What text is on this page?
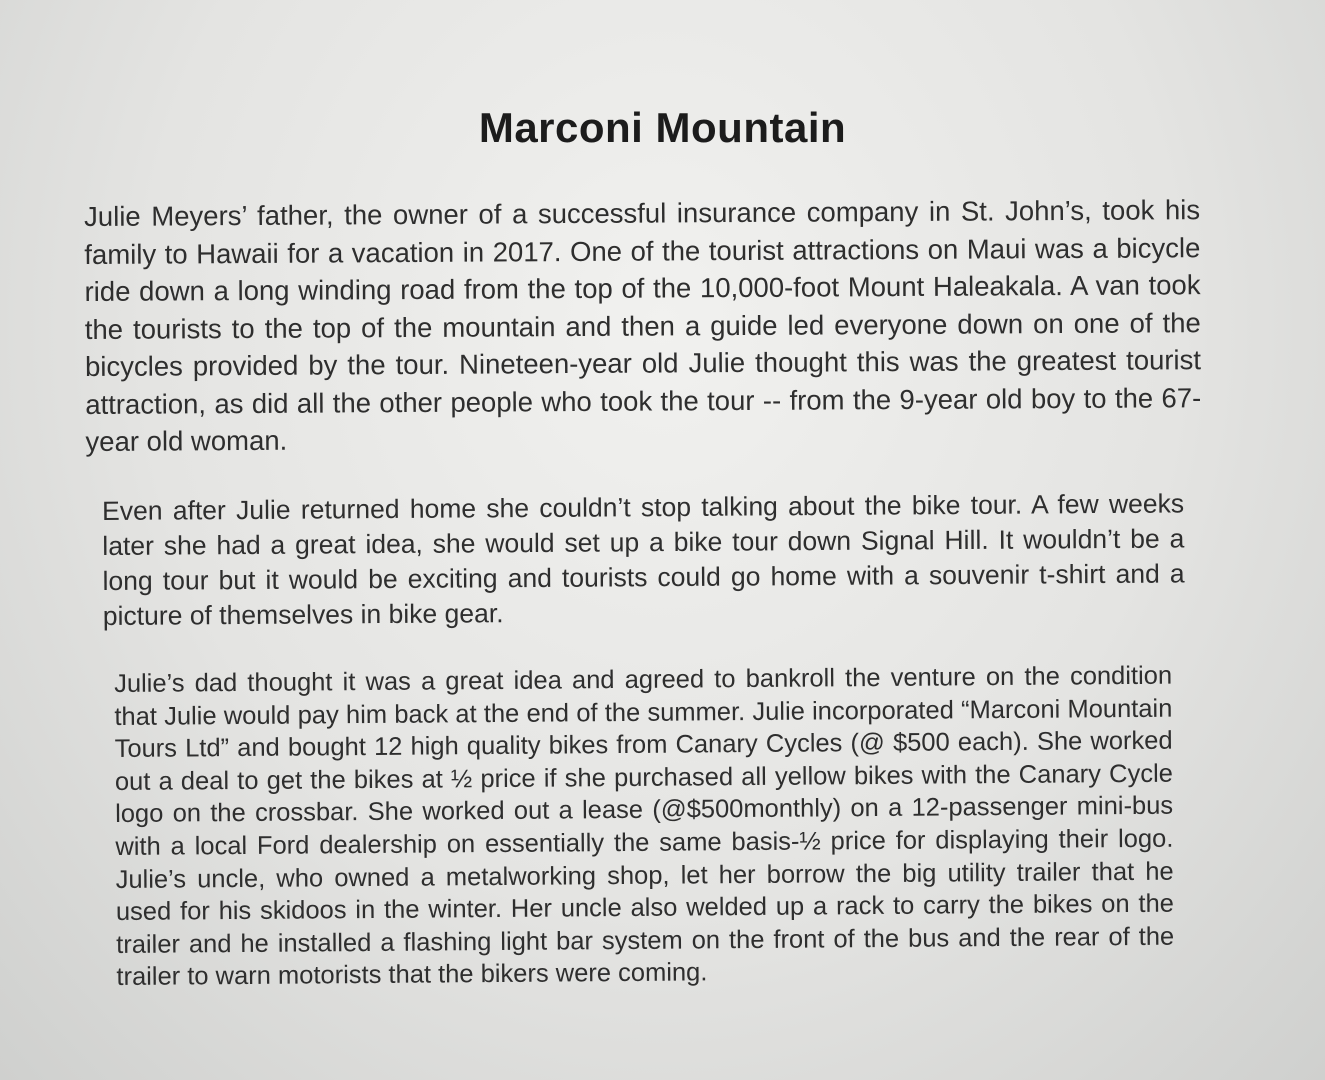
Marconi Mountain

Julie Meyers’ father, the owner of a successful insurance company in St. John’s, took his family to Hawaii for a vacation in 2017. One of the tourist attractions on Maui was a bicycle ride down a long winding road from the top of the 10,000-foot Mount Haleakala. A van took the tourists to the top of the mountain and then a guide led everyone down on one of the bicycles provided by the tour. Nineteen-year old Julie thought this was the greatest tourist attraction, as did all the other people who took the tour -- from the 9-year old boy to the 67-year old woman.

Even after Julie returned home she couldn’t stop talking about the bike tour. A few weeks later she had a great idea, she would set up a bike tour down Signal Hill. It wouldn’t be a long tour but it would be exciting and tourists could go home with a souvenir t-shirt and a picture of themselves in bike gear.

Julie’s dad thought it was a great idea and agreed to bankroll the venture on the condition that Julie would pay him back at the end of the summer. Julie incorporated “Marconi Mountain Tours Ltd” and bought 12 high quality bikes from Canary Cycles (@ $500 each). She worked out a deal to get the bikes at ½ price if she purchased all yellow bikes with the Canary Cycle logo on the crossbar. She worked out a lease (@$500monthly) on a 12-passenger mini-bus with a local Ford dealership on essentially the same basis-½ price for displaying their logo. Julie’s uncle, who owned a metalworking shop, let her borrow the big utility trailer that he used for his skidoos in the winter. Her uncle also welded up a rack to carry the bikes on the trailer and he installed a flashing light bar system on the front of the bus and the rear of the trailer to warn motorists that the bikers were coming.
